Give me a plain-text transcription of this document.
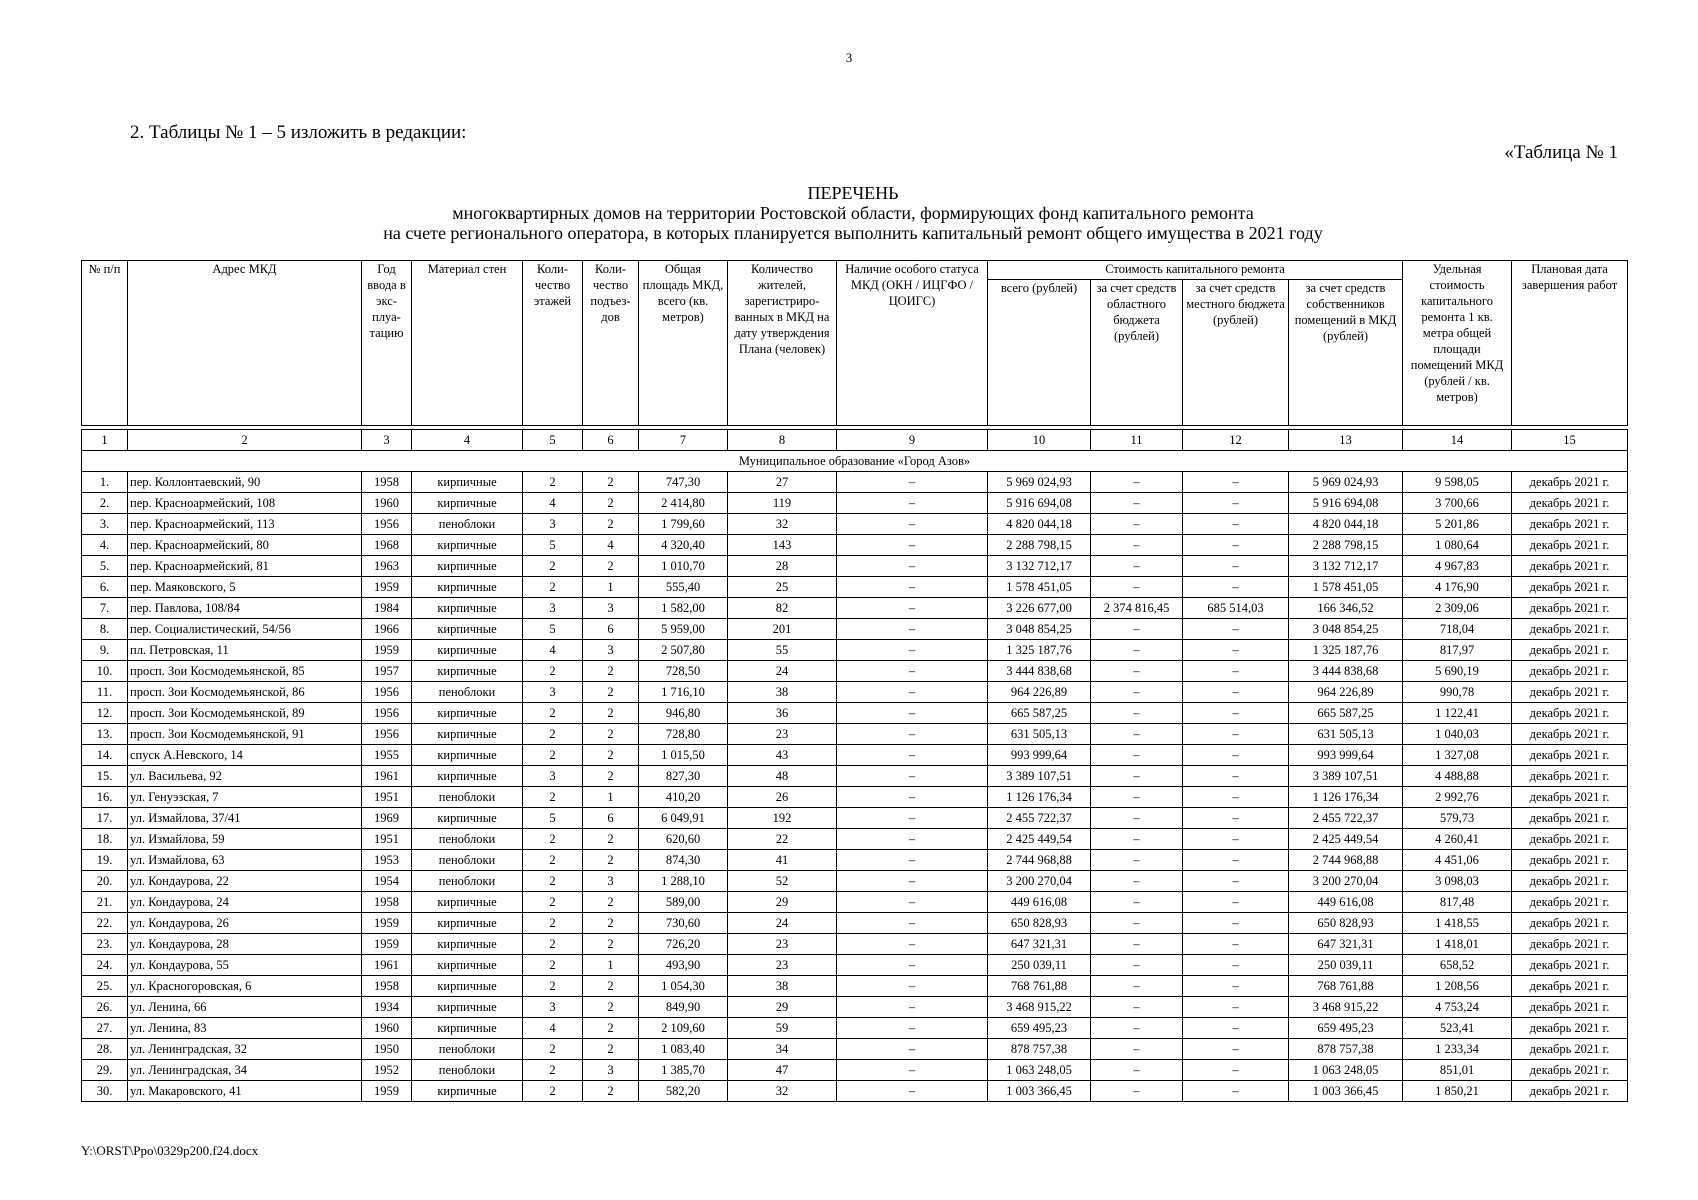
3
2. Таблицы № 1 – 5 изложить в редакции:
«Таблица № 1
ПЕРЕЧЕНЬ
многоквартирных домов на территории Ростовской области, формирующих фонд капитального ремонта
на счете регионального оператора, в которых планируется выполнить капитальный ремонт общего имущества в 2021 году
№ п/п	Адрес МКД	Год ввода в экс- плуа- тацию	Материал стен	Коли- чество этажей	Коли- чество подъез- дов	Общая площадь МКД, всего (кв. метров)	Количество жителей, зарегистриро- ванных в МКД на дату утверждения Плана (человек)	Наличие особого статуса МКД (ОКН / ИЦГФО / ЦОИГС)	Стоимость капитального ремонта				Удельная стоимость капитального ремонта 1 кв. метра общей площади помещений МКД (рублей / кв. метров)	Плановая дата завершения работ
									всего (рублей)	за счет средств областного бюджета (рублей)	за счет средств местного бюджета (рублей)	за счет средств собственников помещений в МКД (рублей)		

1	2	3	4	5	6	7	8	9	10	11	12	13	14	15
Муниципальное образование «Город Азов»														
1.	пер. Коллонтаевский, 90	1958	кирпичные	2	2	747,30	27	–	5 969 024,93	–	–	5 969 024,93	9 598,05	декабрь 2021 г.
2.	пер. Красноармейский, 108	1960	кирпичные	4	2	2 414,80	119	–	5 916 694,08	–	–	5 916 694,08	3 700,66	декабрь 2021 г.
3.	пер. Красноармейский, 113	1956	пеноблоки	3	2	1 799,60	32	–	4 820 044,18	–	–	4 820 044,18	5 201,86	декабрь 2021 г.
4.	пер. Красноармейский, 80	1968	кирпичные	5	4	4 320,40	143	–	2 288 798,15	–	–	2 288 798,15	1 080,64	декабрь 2021 г.
5.	пер. Красноармейский, 81	1963	кирпичные	2	2	1 010,70	28	–	3 132 712,17	–	–	3 132 712,17	4 967,83	декабрь 2021 г.
6.	пер. Маяковского, 5	1959	кирпичные	2	1	555,40	25	–	1 578 451,05	–	–	1 578 451,05	4 176,90	декабрь 2021 г.
7.	пер. Павлова, 108/84	1984	кирпичные	3	3	1 582,00	82	–	3 226 677,00	2 374 816,45	685 514,03	166 346,52	2 309,06	декабрь 2021 г.
8.	пер. Социалистический, 54/56	1966	кирпичные	5	6	5 959,00	201	–	3 048 854,25	–	–	3 048 854,25	718,04	декабрь 2021 г.
9.	пл. Петровская, 11	1959	кирпичные	4	3	2 507,80	55	–	1 325 187,76	–	–	1 325 187,76	817,97	декабрь 2021 г.
10.	просп. Зои Космодемьянской, 85	1957	кирпичные	2	2	728,50	24	–	3 444 838,68	–	–	3 444 838,68	5 690,19	декабрь 2021 г.
11.	просп. Зои Космодемьянской, 86	1956	пеноблоки	3	2	1 716,10	38	–	964 226,89	–	–	964 226,89	990,78	декабрь 2021 г.
12.	просп. Зои Космодемьянской, 89	1956	кирпичные	2	2	946,80	36	–	665 587,25	–	–	665 587,25	1 122,41	декабрь 2021 г.
13.	просп. Зои Космодемьянской, 91	1956	кирпичные	2	2	728,80	23	–	631 505,13	–	–	631 505,13	1 040,03	декабрь 2021 г.
14.	спуск А.Невского, 14	1955	кирпичные	2	2	1 015,50	43	–	993 999,64	–	–	993 999,64	1 327,08	декабрь 2021 г.
15.	ул. Васильева, 92	1961	кирпичные	3	2	827,30	48	–	3 389 107,51	–	–	3 389 107,51	4 488,88	декабрь 2021 г.
16.	ул. Генуэзская, 7	1951	пеноблоки	2	1	410,20	26	–	1 126 176,34	–	–	1 126 176,34	2 992,76	декабрь 2021 г.
17.	ул. Измайлова, 37/41	1969	кирпичные	5	6	6 049,91	192	–	2 455 722,37	–	–	2 455 722,37	579,73	декабрь 2021 г.
18.	ул. Измайлова, 59	1951	пеноблоки	2	2	620,60	22	–	2 425 449,54	–	–	2 425 449,54	4 260,41	декабрь 2021 г.
19.	ул. Измайлова, 63	1953	пеноблоки	2	2	874,30	41	–	2 744 968,88	–	–	2 744 968,88	4 451,06	декабрь 2021 г.
20.	ул. Кондаурова, 22	1954	пеноблоки	2	3	1 288,10	52	–	3 200 270,04	–	–	3 200 270,04	3 098,03	декабрь 2021 г.
21.	ул. Кондаурова, 24	1958	кирпичные	2	2	589,00	29	–	449 616,08	–	–	449 616,08	817,48	декабрь 2021 г.
22.	ул. Кондаурова, 26	1959	кирпичные	2	2	730,60	24	–	650 828,93	–	–	650 828,93	1 418,55	декабрь 2021 г.
23.	ул. Кондаурова, 28	1959	кирпичные	2	2	726,20	23	–	647 321,31	–	–	647 321,31	1 418,01	декабрь 2021 г.
24.	ул. Кондаурова, 55	1961	кирпичные	2	1	493,90	23	–	250 039,11	–	–	250 039,11	658,52	декабрь 2021 г.
25.	ул. Красногоровская, 6	1958	кирпичные	2	2	1 054,30	38	–	768 761,88	–	–	768 761,88	1 208,56	декабрь 2021 г.
26.	ул. Ленина, 66	1934	кирпичные	3	2	849,90	29	–	3 468 915,22	–	–	3 468 915,22	4 753,24	декабрь 2021 г.
27.	ул. Ленина, 83	1960	кирпичные	4	2	2 109,60	59	–	659 495,23	–	–	659 495,23	523,41	декабрь 2021 г.
28.	ул. Ленинградская, 32	1950	пеноблоки	2	2	1 083,40	34	–	878 757,38	–	–	878 757,38	1 233,34	декабрь 2021 г.
29.	ул. Ленинградская, 34	1952	пеноблоки	2	3	1 385,70	47	–	1 063 248,05	–	–	1 063 248,05	851,01	декабрь 2021 г.
30.	ул. Макаровского, 41	1959	кирпичные	2	2	582,20	32	–	1 003 366,45	–	–	1 003 366,45	1 850,21	декабрь 2021 г.
Y:\ORST\Ppo\0329p200.f24.docx
